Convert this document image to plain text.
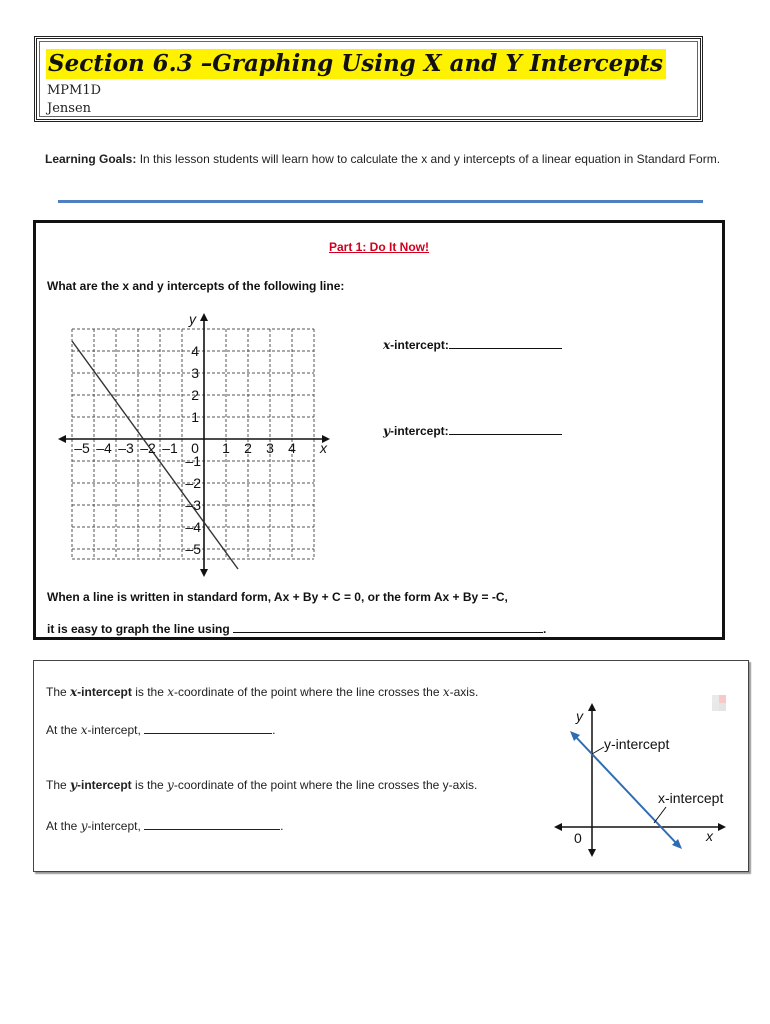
Section 6.3 –Graphing Using X and Y Intercepts
MPM1D
Jensen
Learning Goals: In this lesson students will learn how to calculate the x and y intercepts of a linear equation in Standard Form.
Part 1: Do It Now!
What are the x and y intercepts of the following line:
y
x
–5 –4 –3 –2 –1 0 1 2 3 4
4
3
2
1
–1
–2
–3
–4
–5
x-intercept:
y-intercept:
When a line is written in standard form, Ax + By + C = 0, or the form Ax + By = -C,
it is easy to graph the line using	.
The x-intercept is the x-coordinate of the point where the line crosses the x-axis.
At the x-intercept,	.
The y-intercept is the y-coordinate of the point where the line crosses the y-axis.
At the y-intercept,	.
y
x
0
y-intercept
x-intercept
